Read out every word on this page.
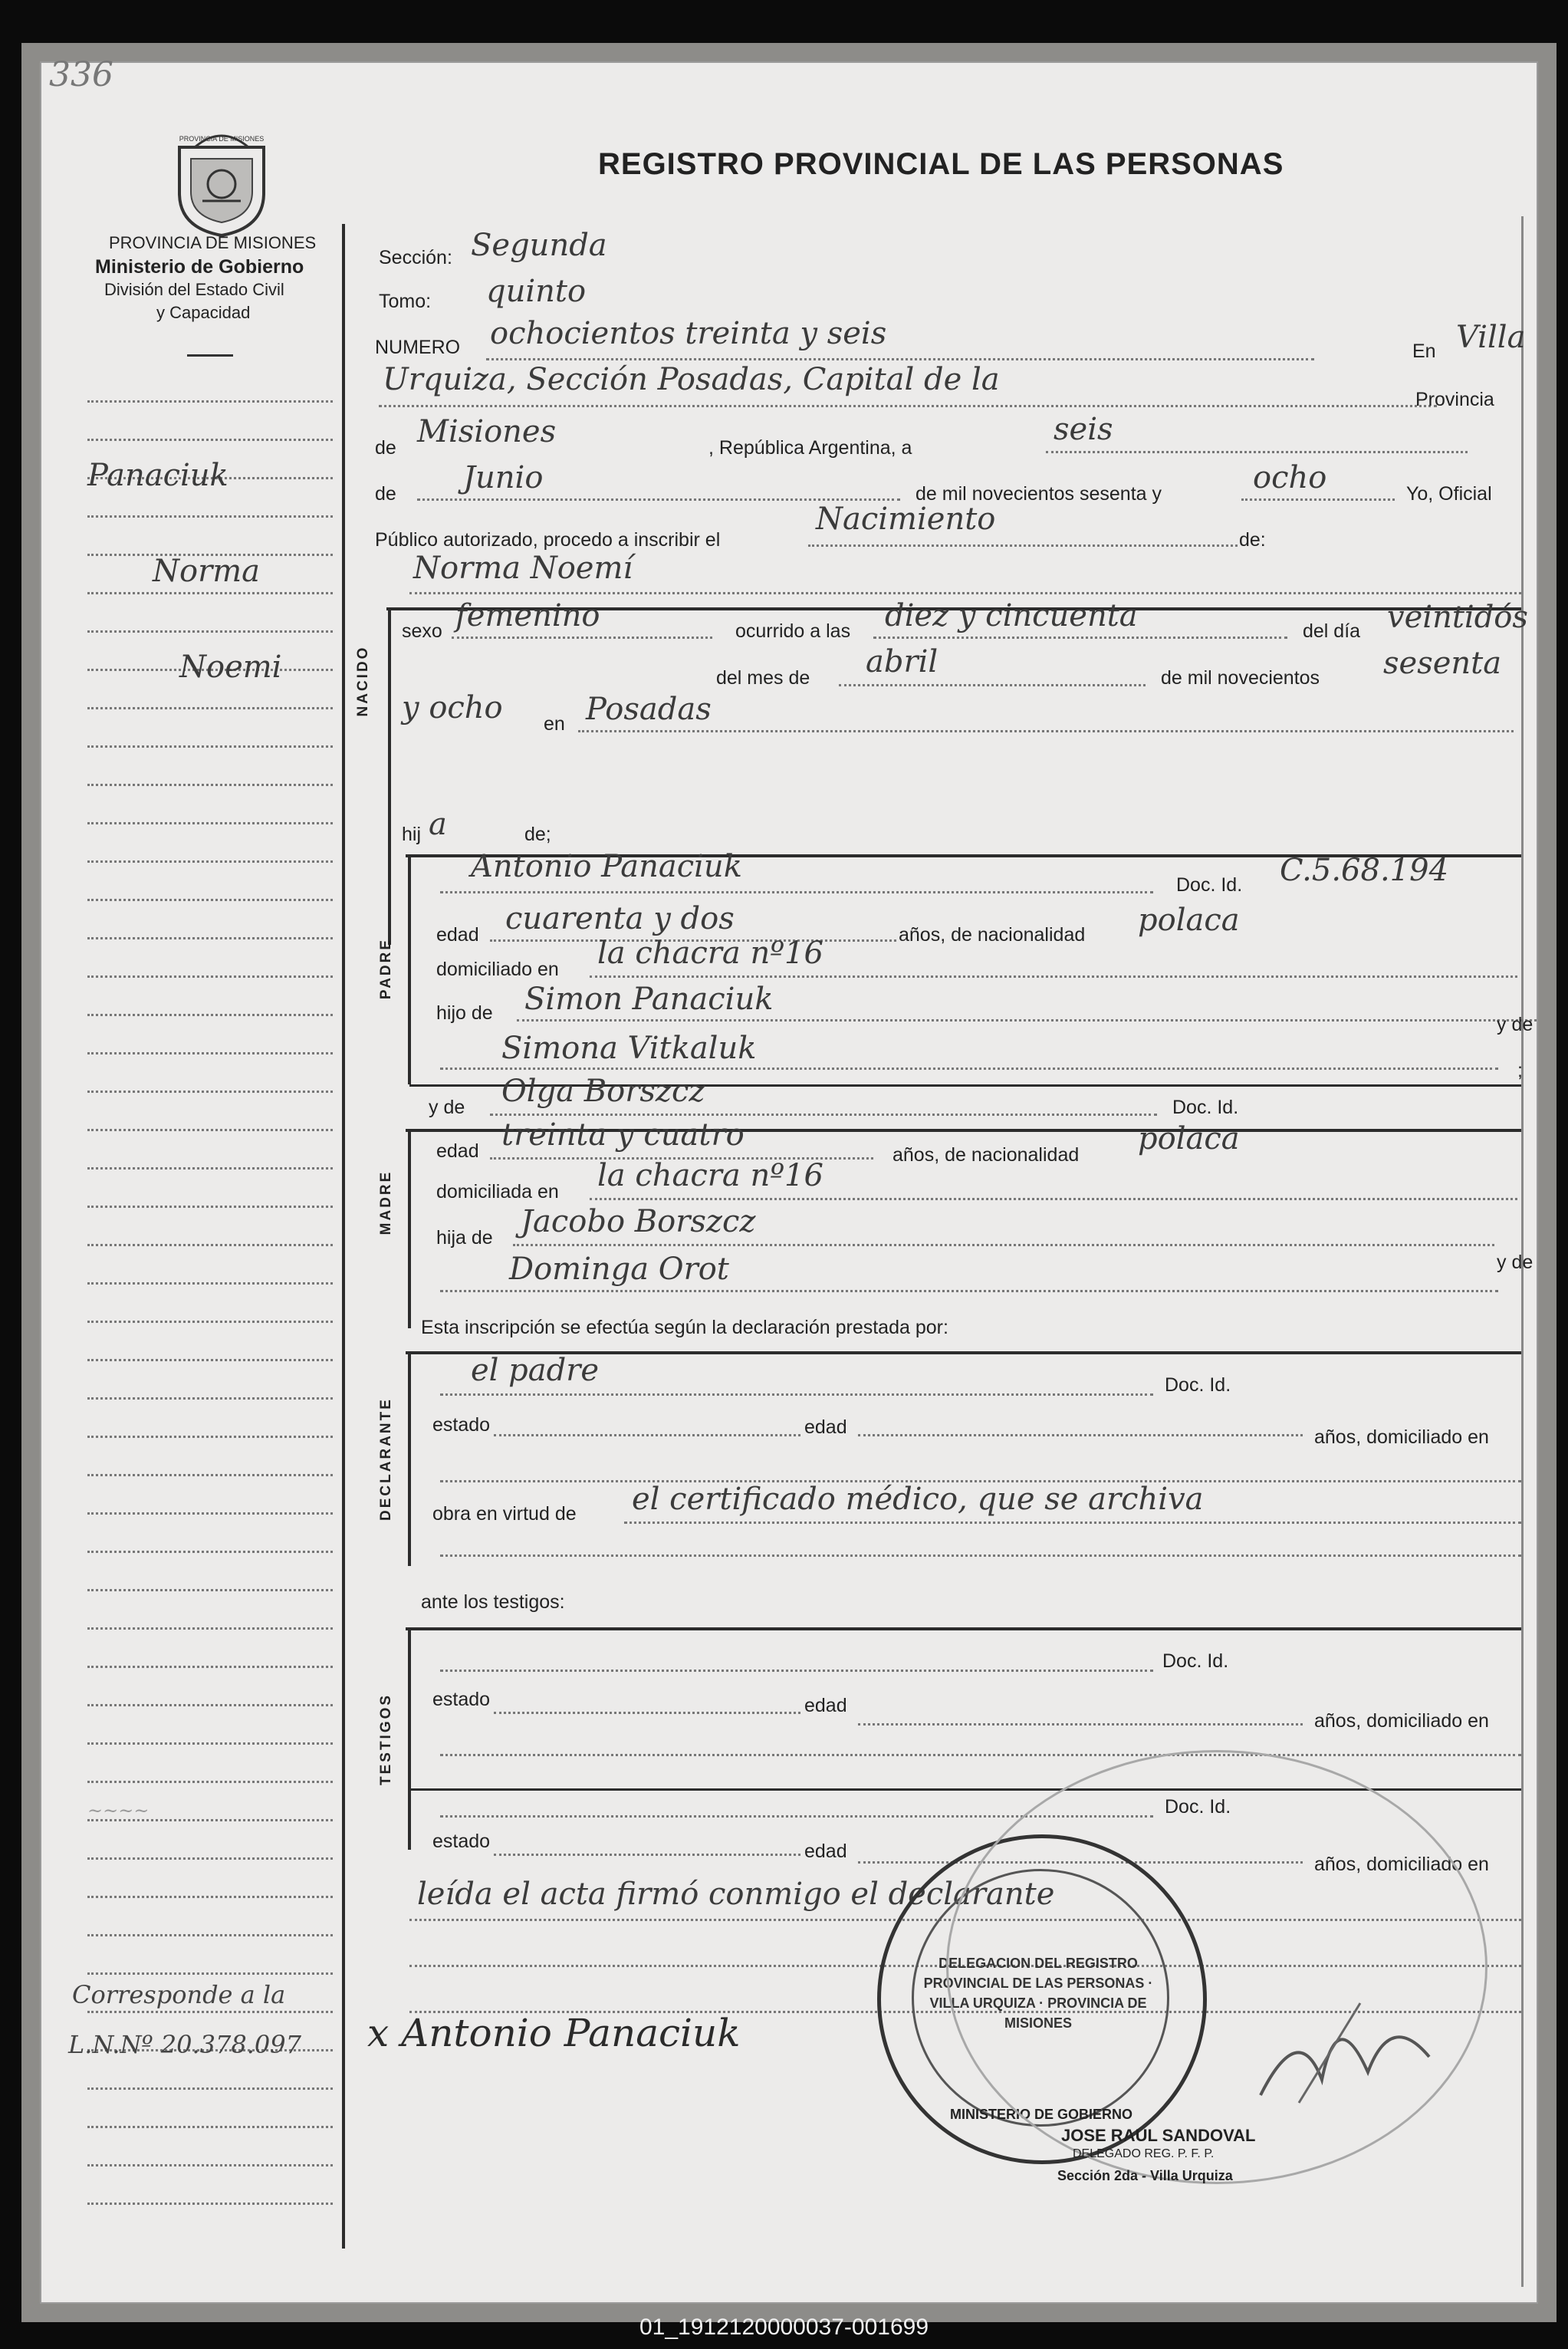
336
PROVINCIA DE MISIONES
REGISTRO PROVINCIAL DE LAS PERSONAS
PROVINCIA DE MISIONES
Ministerio de Gobierno
División del Estado Civil
y Capacidad
Panaciuk
Norma
Noemi
~~~~
Corresponde a la
L.N.Nº 20.378.097
Sección: Segunda
Tomo: quinto
NUMERO ochocientos treinta y seis	En Villa
Urquiza, Sección Posadas, Capital de la
Provincia
de Misiones	, República Argentina, a
seis
de Junio	de mil novecientos sesenta y	ocho	Yo, Oficial
Público autorizado, procedo a inscribir el
Nacimiento
de:
Norma Noemí
NACIDO
sexo femenino	ocurrido a las diez y cincuenta	del día veintidós
del mes de abril	de mil novecientos sesenta
y ocho en Posadas
hij a	de;
PADRE
Antonio Panaciuk
Doc. Id. C.5.68.194
edad cuarenta y dos	años, de nacionalidad polaca
domiciliado en la chacra nº16
hijo de Simon Panaciuk
y de
Simona Vitkaluk
;
y de Olga Borszcz	Doc. Id.
MADRE
edad treinta y cuatro
años, de nacionalidad polaca
domiciliada en la chacra nº16
hija de Jacobo Borszcz
y de
Dominga Orot
Esta inscripción se efectúa según la declaración prestada por:
DECLARANTE
el padre	Doc. Id.
estado	edad	años, domiciliado en
obra en virtud de el certificado médico, que se archiva
ante los testigos:
TESTIGOS
Doc. Id.
estado	edad
años, domiciliado en
Doc. Id.
estado	edad
años, domiciliado en
leída el acta firmó conmigo el declarante
x Antonio Panaciuk
DELEGACION DEL REGISTRO PROVINCIAL DE LAS PERSONAS · VILLA URQUIZA · PROVINCIA DE MISIONES
MINISTERIO DE GOBIERNO
JOSE RAUL SANDOVAL
DELEGADO REG. P. F. P.
Sección 2da - Villa Urquiza
01_1912120000037-001699
